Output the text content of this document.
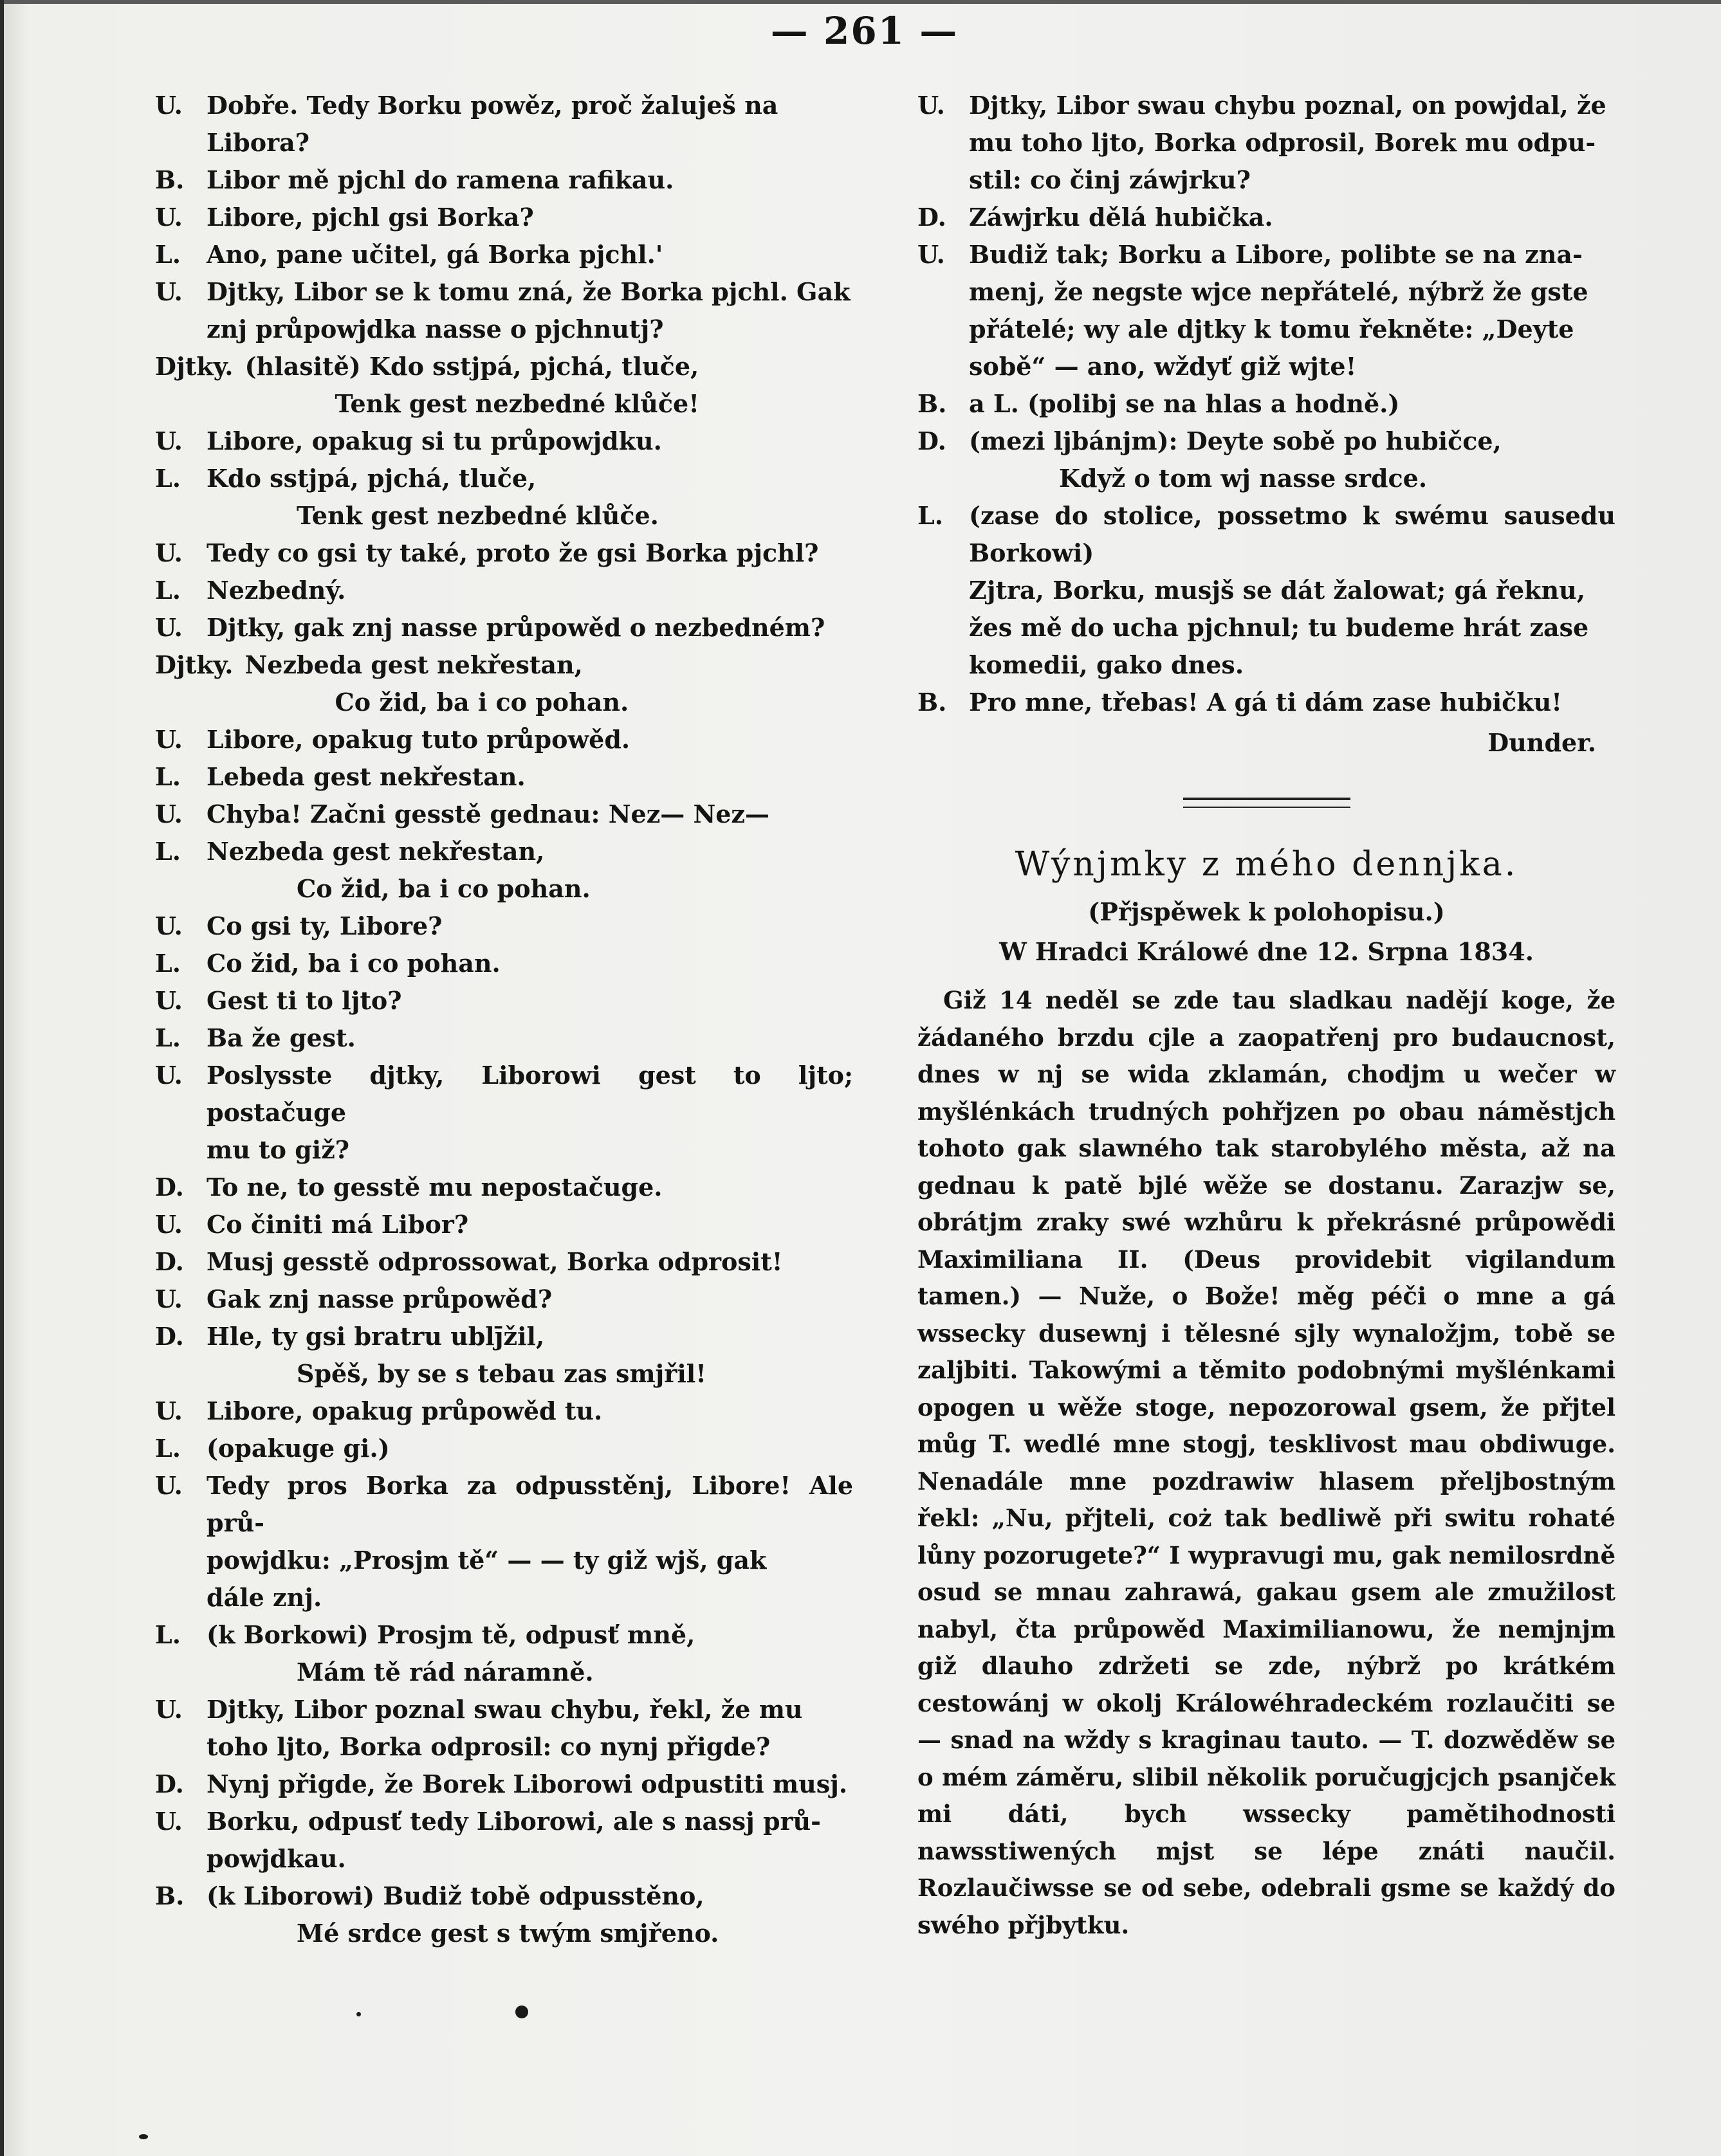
— 261 —
U. Dobře. Tedy Borku powěz, proč žaluješ na
Libora?
B. Libor mě pjchl do ramena rafikau.
U. Libore, pjchl gsi Borka?
L.	Ano, pane učitel, gá Borka pjchl.'
U. Djtky, Libor se k tomu zná, že Borka pjchl. Gak
znj průpowjdka nasse o pjchnutj?
Djtky. (hlasitě) Kdo sstjpá, pjchá, tluče,
Tenk gest nezbedné klůče!
U. Libore, opakug si tu průpowjdku.
L.	Kdo sstjpá, pjchá, tluče,
Tenk gest nezbedné klůče.
U. Tedy co gsi ty také, proto že gsi Borka pjchl?
L.	Nezbedný.
U. Djtky, gak znj nasse průpowěd o nezbedném?
Djtky. Nezbeda gest nekřestan,
Co žid, ba i co pohan.
U. Libore, opakug tuto průpowěd.
L.	Lebeda gest nekřestan.
U. Chyba! Začni gesstě gednau: Nez— Nez—
L.	Nezbeda gest nekřestan,
Co žid, ba i co pohan.
U. Co gsi ty, Libore?
L.	Co žid, ba i co pohan.
U. Gest ti to ljto?
L.	Ba že gest.
U. Poslysste djtky, Liborowi gest to ljto; postačuge
mu to giž?
D. To ne, to gesstě mu nepostačuge.
U. Co činiti má Libor?
D. Musj gesstě odprossowat, Borka odprosit!
U. Gak znj nasse průpowěd?
D. Hle, ty gsi bratru ublj̄žil,
Spěš, by se s tebau zas smjřil!
U. Libore, opakug průpowěd tu.
L.	(opakuge gi.)
U. Tedy pros Borka za odpusstěnj, Libore! Ale prů-
powjdku: „Prosjm tě“ — — ty giž wjš, gak
dále znj.
L.	(k Borkowi) Prosjm tě, odpusť mně,
Mám tě rád náramně.
U. Djtky, Libor poznal swau chybu, řekl, že mu
toho ljto, Borka odprosil: co nynj přigde?
D. Nynj přigde, že Borek Liborowi odpustiti musj.
U. Borku, odpusť tedy Liborowi, ale s nassj prů-
powjdkau.
B. (k Liborowi) Budiž tobě odpusstěno,
Mé srdce gest s twým smjřeno.
U. Djtky, Libor swau chybu poznal, on powjdal, že
mu toho ljto, Borka odprosil, Borek mu odpu-
stil: co činj záwjrku?
D. Záwjrku dělá hubička.
U. Budiž tak; Borku a Libore, polibte se na zna-
menj, že negste wjce nepřátelé, nýbrž že gste
přátelé; wy ale djtky k tomu řekněte: „Deyte
sobě“ — ano, wždyť giž wjte!
B. a L. (polibj se na hlas a hodně.)
D. (mezi ljbánjm): Deyte sobě po hubičce,
Když o tom wj nasse srdce.
L.	(zase do stolice, possetmo k swému sausedu Borkowi)
Zjtra, Borku, musjš se dát žalowat; gá řeknu,
žes mě do ucha pjchnul; tu budeme hrát zase
komedii, gako dnes.
B. Pro mne, třebas! A gá ti dám zase hubičku!
Dunder.
Wýnjmky z mého dennjka.
(Přjspěwek k polohopisu.)
W Hradci Králowé dne 12. Srpna 1834.
Giž 14 neděl se zde tau sladkau nadějí koge, že žádaného brzdu cjle a zaopatřenj pro budaucnost, dnes w nj se wida zklamán, chodjm u wečer w myšlénkách trudných pohřjzen po obau náměstjch tohoto gak slawného tak starobylého města, až na gednau k patě bjlé wěže se dostanu. Zarazjw se, obrátjm zraky swé wzhůru k překrásné průpowědi Maximiliana II. (Deus providebit vigilandum tamen.) — Nuže, o Bože! měg péči o mne a gá wssecky dusewnj i tělesné sjly wynaložjm, tobě se zaljbiti. Takowými a těmito podobnými myšlénkami opogen u wěže stoge, nepozorowal gsem, že přjtel můg T. wedlé mne stogj, tesklivost mau obdiwuge. Nenadále mne pozdrawiw hlasem přeljbostným řekl: „Nu, přjteli, coż tak bedliwě při switu rohaté lůny pozorugete?“ I wypravugi mu, gak nemilosrdně osud se mnau zahrawá, gakau gsem ale zmužilost nabyl, čta průpowěd Maximilianowu, že nemjnjm giž dlauho zdržeti se zde, nýbrž po krátkém cestowánj w okolj Králowéhradeckém rozlaučiti se — snad na wždy s kraginau tauto. — T. dozwěděw se o mém záměru, slibil několik poručugjcjch psanjček mi dáti, bych wssecky pamětihodnosti nawsstiwených mjst se lépe znáti naučil. Rozlaučiwsse se od sebe, odebrali gsme se každý do swého přjbytku.
